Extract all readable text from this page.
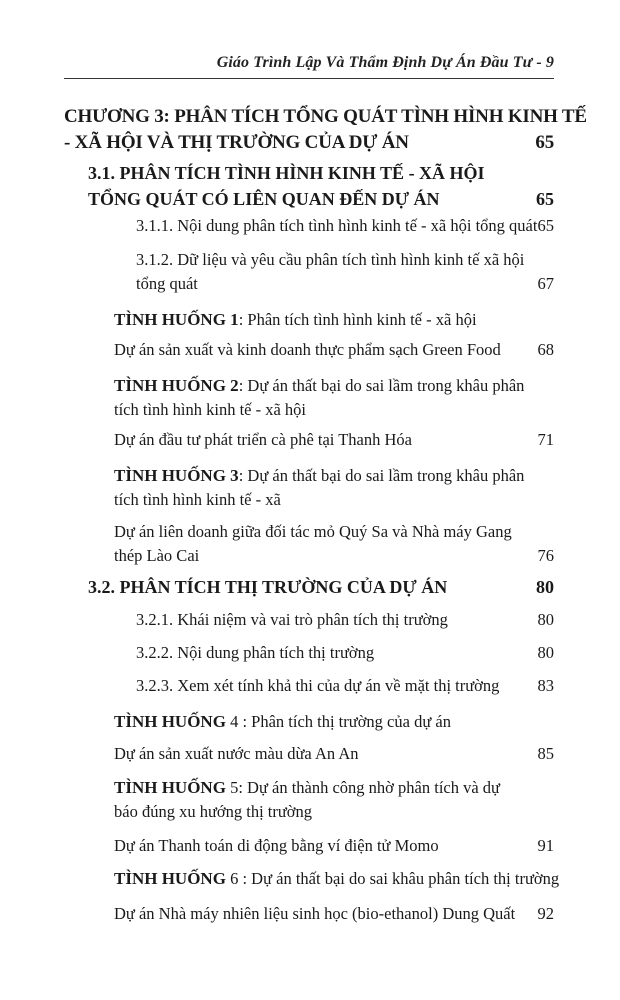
Giáo Trình Lập Và Thẩm Định Dự Án Đầu Tư - 9
CHƯƠNG 3: PHÂN TÍCH TỔNG QUÁT TÌNH HÌNH KINH TẾ
- XÃ HỘI VÀ THỊ TRƯỜNG CỦA DỰ ÁN	65
3.1. PHÂN TÍCH TÌNH HÌNH KINH TẾ - XÃ HỘI
TỔNG QUÁT CÓ LIÊN QUAN ĐẾN DỰ ÁN	65
3.1.1. Nội dung phân tích tình hình kinh tế - xã hội tổng quát 65
3.1.2. Dữ liệu và yêu cầu phân tích tình hình kinh tế xã hội
tổng quát	67
TÌNH HUỐNG 1: Phân tích tình hình kinh tế - xã hội
Dự án sản xuất và kinh doanh thực phẩm sạch Green Food 68
TÌNH HUỐNG 2: Dự án thất bại do sai lầm trong khâu phân
tích tình hình kinh tế - xã hội
Dự án đầu tư phát triển cà phê tại Thanh Hóa	71
TÌNH HUỐNG 3: Dự án thất bại do sai lầm trong khâu phân
tích tình hình kinh tế - xã
Dự án liên doanh giữa đối tác mỏ Quý Sa và Nhà máy Gang
thép Lào Cai	76
3.2. PHÂN TÍCH THỊ TRƯỜNG CỦA DỰ ÁN	80
3.2.1. Khái niệm và vai trò phân tích thị trường	80
3.2.2. Nội dung phân tích thị trường	80
3.2.3. Xem xét tính khả thi của dự án về mặt thị trường 83
TÌNH HUỐNG 4 : Phân tích thị trường của dự án
Dự án sản xuất nước màu dừa An An	85
TÌNH HUỐNG 5: Dự án thành công nhờ phân tích và dự
báo đúng xu hướng thị trường
Dự án Thanh toán di động bằng ví điện tử Momo	91
TÌNH HUỐNG 6 : Dự án thất bại do sai khâu phân tích thị trường
Dự án Nhà máy nhiên liệu sinh học (bio-ethanol) Dung Quất 92
